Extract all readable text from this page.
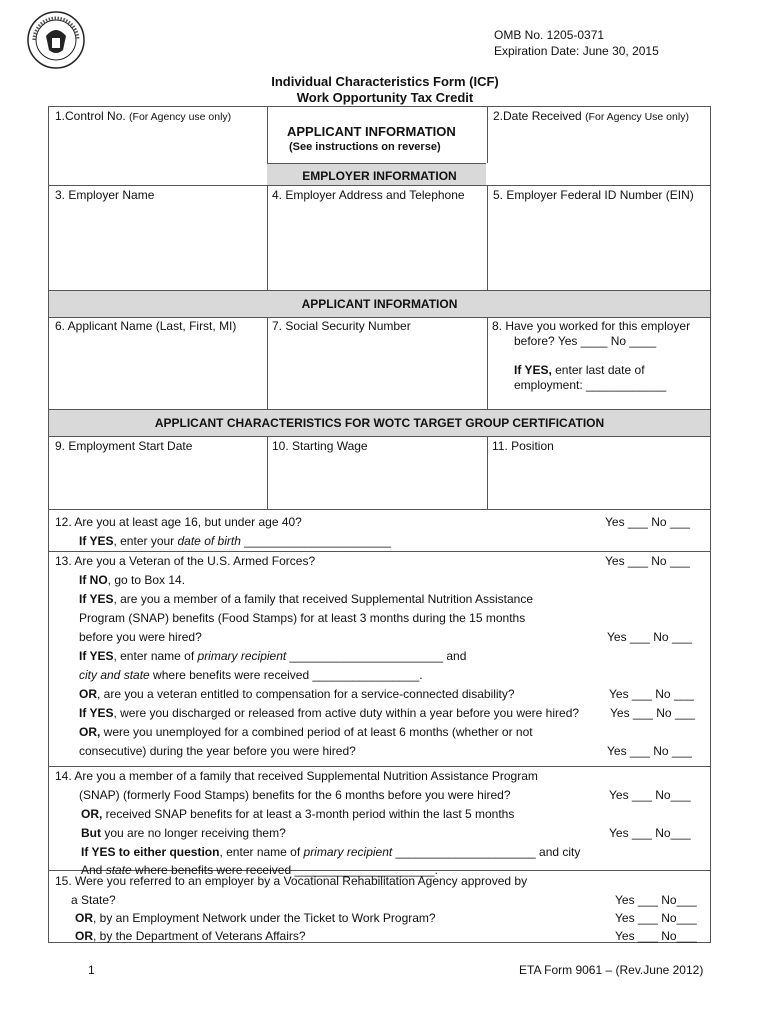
OMB No. 1205-0371
Expiration Date: June 30, 2015
Individual Characteristics Form (ICF)
Work Opportunity Tax Credit
1.Control No. (For Agency use only)
APPLICANT INFORMATION
(See instructions on reverse)
2.Date Received (For Agency Use only)
EMPLOYER INFORMATION
3. Employer Name	4. Employer Address and Telephone 5. Employer Federal ID Number (EIN)
APPLICANT INFORMATION
6. Applicant Name (Last, First, MI)	7. Social Security Number	8. Have you worked for this employer
before? Yes ____ No ____
If YES, enter last date of
employment: ____________
APPLICANT CHARACTERISTICS FOR WOTC TARGET GROUP CERTIFICATION
9. Employment Start Date	10. Starting Wage	11. Position
12. Are you at least age 16, but under age 40?	Yes ___ No ___
If YES, enter your date of birth ______________________
13. Are you a Veteran of the U.S. Armed Forces?	Yes ___ No ___
If NO, go to Box 14.
If YES, are you a member of a family that received Supplemental Nutrition Assistance
Program (SNAP) benefits (Food Stamps) for at least 3 months during the 15 months
before you were hired?	Yes ___ No ___
If YES, enter name of primary recipient _______________________ and
city and state where benefits were received ________________.
OR, are you a veteran entitled to compensation for a service-connected disability?	Yes ___ No ___
If YES, were you discharged or released from active duty within a year before you were hired?	Yes ___ No ___
OR, were you unemployed for a combined period of at least 6 months (whether or not
consecutive) during the year before you were hired?	Yes ___ No ___
14. Are you a member of a family that received Supplemental Nutrition Assistance Program
(SNAP) (formerly Food Stamps) benefits for the 6 months before you were hired?	Yes ___ No___
OR, received SNAP benefits for at least a 3-month period within the last 5 months
But you are no longer receiving them?	Yes ___ No___
If YES to either question, enter name of primary recipient _____________________ and city
And state where benefits were received _____________________.
15. Were you referred to an employer by a Vocational Rehabilitation Agency approved by
a State?	Yes ___ No___
OR, by an Employment Network under the Ticket to Work Program?	Yes ___ No___
OR, by the Department of Veterans Affairs?	Yes ___ No___
1	ETA Form 9061 – (Rev.June 2012)
